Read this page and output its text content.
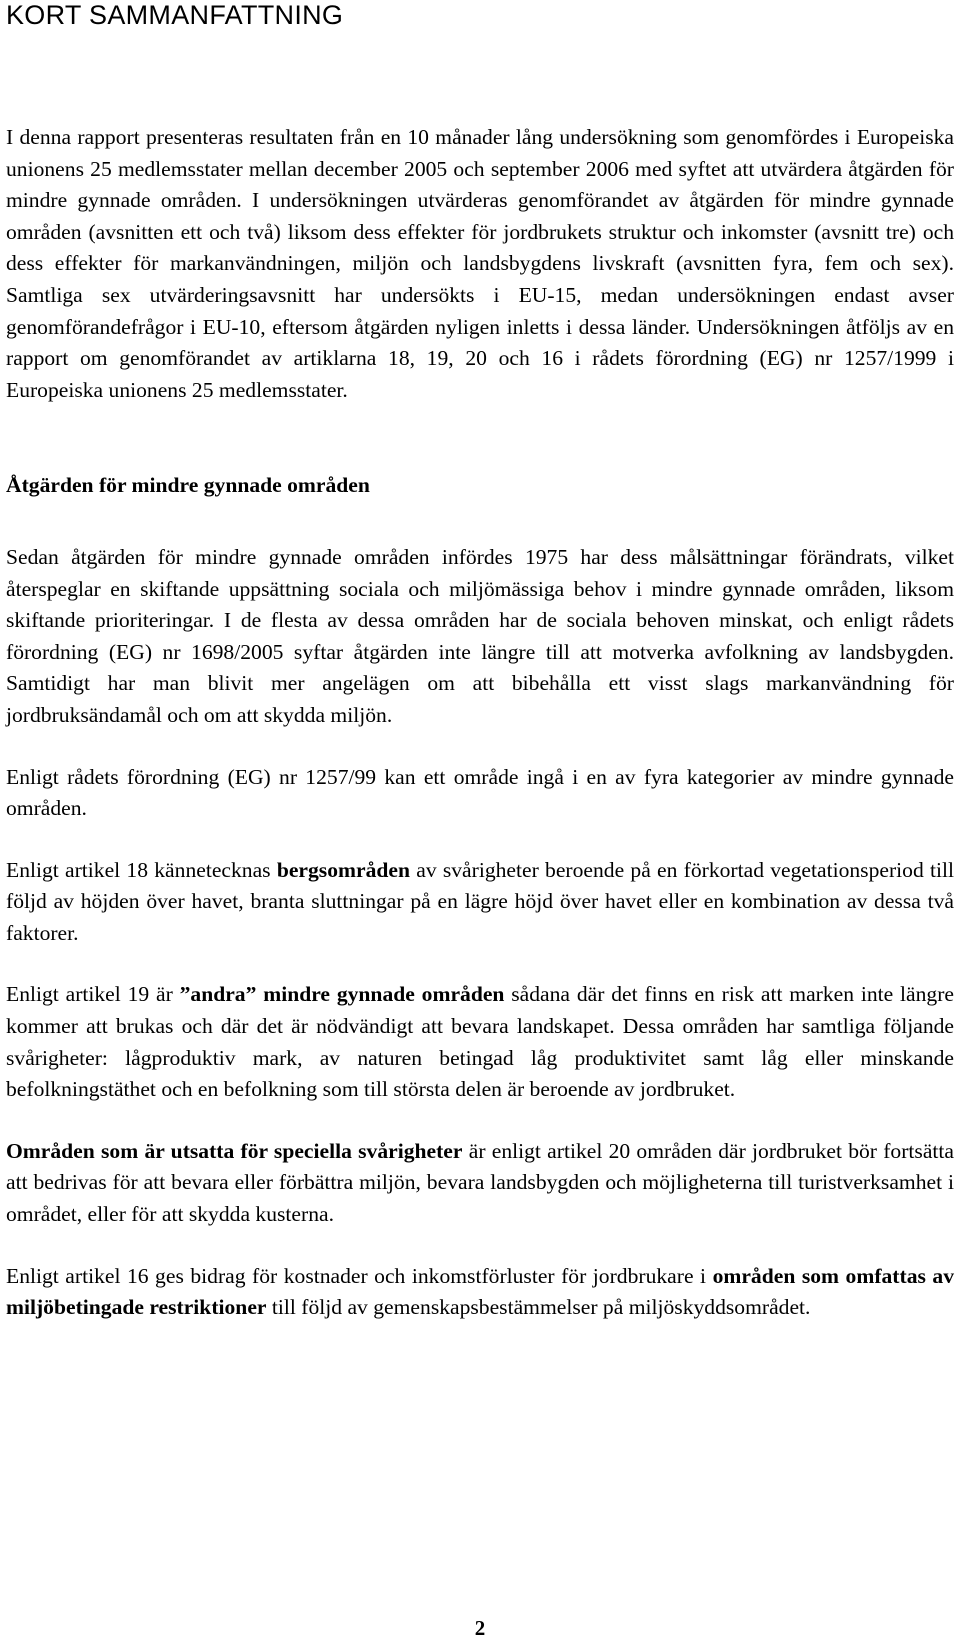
KORT SAMMANFATTNING

I denna rapport presenteras resultaten från en 10 månader lång undersökning som genomfördes i Europeiska unionens 25 medlemsstater mellan december 2005 och september 2006 med syftet att utvärdera åtgärden för mindre gynnade områden. I undersökningen utvärderas genomförandet av åtgärden för mindre gynnade områden (avsnitten ett och två) liksom dess effekter för jordbrukets struktur och inkomster (avsnitt tre) och dess effekter för markanvändningen, miljön och landsbygdens livskraft (avsnitten fyra, fem och sex). Samtliga sex utvärderingsavsnitt har undersökts i EU-15, medan undersökningen endast avser genomförandefrågor i EU-10, eftersom åtgärden nyligen inletts i dessa länder. Undersökningen åtföljs av en rapport om genomförandet av artiklarna 18, 19, 20 och 16 i rådets förordning (EG) nr 1257/1999 i Europeiska unionens 25 medlemsstater.

Åtgärden för mindre gynnade områden

Sedan åtgärden för mindre gynnade områden infördes 1975 har dess målsättningar förändrats, vilket återspeglar en skiftande uppsättning sociala och miljömässiga behov i mindre gynnade områden, liksom skiftande prioriteringar. I de flesta av dessa områden har de sociala behoven minskat, och enligt rådets förordning (EG) nr 1698/2005 syftar åtgärden inte längre till att motverka avfolkning av landsbygden. Samtidigt har man blivit mer angelägen om att bibehålla ett visst slags markanvändning för jordbruksändamål och om att skydda miljön.

Enligt rådets förordning (EG) nr 1257/99 kan ett område ingå i en av fyra kategorier av mindre gynnade områden.

Enligt artikel 18 kännetecknas bergsområden av svårigheter beroende på en förkortad vegetationsperiod till följd av höjden över havet, branta sluttningar på en lägre höjd över havet eller en kombination av dessa två faktorer.

Enligt artikel 19 är ”andra” mindre gynnade områden sådana där det finns en risk att marken inte längre kommer att brukas och där det är nödvändigt att bevara landskapet. Dessa områden har samtliga följande svårigheter: lågproduktiv mark, av naturen betingad låg produktivitet samt låg eller minskande befolkningstäthet och en befolkning som till största delen är beroende av jordbruket.

Områden som är utsatta för speciella svårigheter är enligt artikel 20 områden där jordbruket bör fortsätta att bedrivas för att bevara eller förbättra miljön, bevara landsbygden och möjligheterna till turistverksamhet i området, eller för att skydda kusterna.

Enligt artikel 16 ges bidrag för kostnader och inkomstförluster för jordbrukare i områden som omfattas av miljöbetingade restriktioner till följd av gemenskapsbestämmelser på miljöskyddsområdet.

2
